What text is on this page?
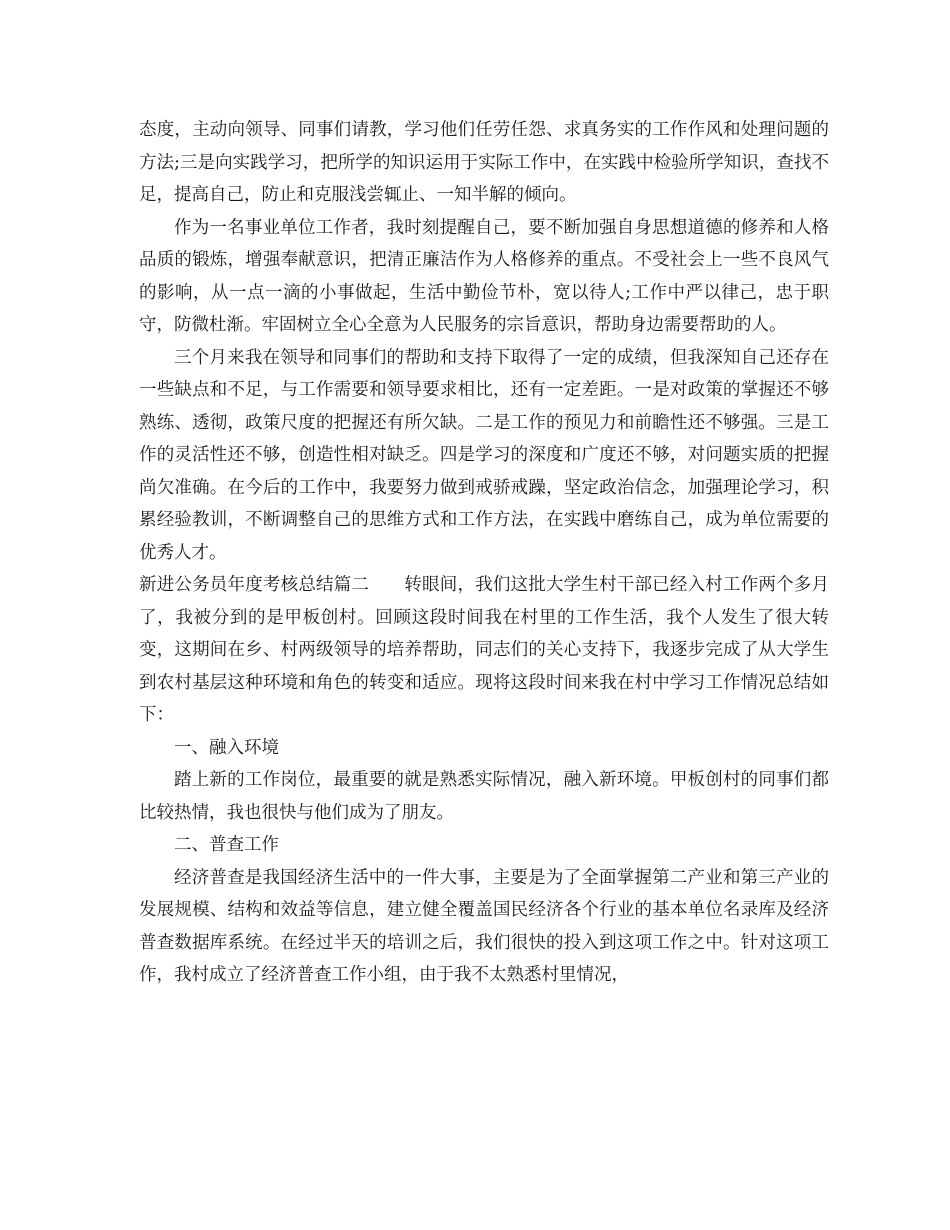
态度，主动向领导、同事们请教，学习他们任劳任怨、求真务实的工作作风和处理问题的方法;三是向实践学习，把所学的知识运用于实际工作中，在实践中检验所学知识，查找不足，提高自己，防止和克服浅尝辄止、一知半解的倾向。

作为一名事业单位工作者，我时刻提醒自己，要不断加强自身思想道德的修养和人格品质的锻炼，增强奉献意识，把清正廉洁作为人格修养的重点。不受社会上一些不良风气的影响，从一点一滴的小事做起，生活中勤俭节朴，宽以待人;工作中严以律己，忠于职守，防微杜渐。牢固树立全心全意为人民服务的宗旨意识，帮助身边需要帮助的人。

三个月来我在领导和同事们的帮助和支持下取得了一定的成绩，但我深知自己还存在一些缺点和不足，与工作需要和领导要求相比，还有一定差距。一是对政策的掌握还不够熟练、透彻，政策尺度的把握还有所欠缺。二是工作的预见力和前瞻性还不够强。三是工作的灵活性还不够，创造性相对缺乏。四是学习的深度和广度还不够，对问题实质的把握尚欠准确。在今后的工作中，我要努力做到戒骄戒躁，坚定政治信念，加强理论学习，积累经验教训，不断调整自己的思维方式和工作方法，在实践中磨练自己，成为单位需要的优秀人才。

新进公务员年度考核总结篇二 转眼间，我们这批大学生村干部已经入村工作两个多月了，我被分到的是甲板创村。回顾这段时间我在村里的工作生活，我个人发生了很大转变，这期间在乡、村两级领导的培养帮助，同志们的关心支持下，我逐步完成了从大学生到农村基层这种环境和角色的转变和适应。现将这段时间来我在村中学习工作情况总结如下：

一、融入环境

踏上新的工作岗位，最重要的就是熟悉实际情况，融入新环境。甲板创村的同事们都比较热情，我也很快与他们成为了朋友。

二、普查工作

经济普查是我国经济生活中的一件大事，主要是为了全面掌握第二产业和第三产业的发展规模、结构和效益等信息，建立健全覆盖国民经济各个行业的基本单位名录库及经济普查数据库系统。在经过半天的培训之后，我们很快的投入到这项工作之中。针对这项工作，我村成立了经济普查工作小组，由于我不太熟悉村里情况，
